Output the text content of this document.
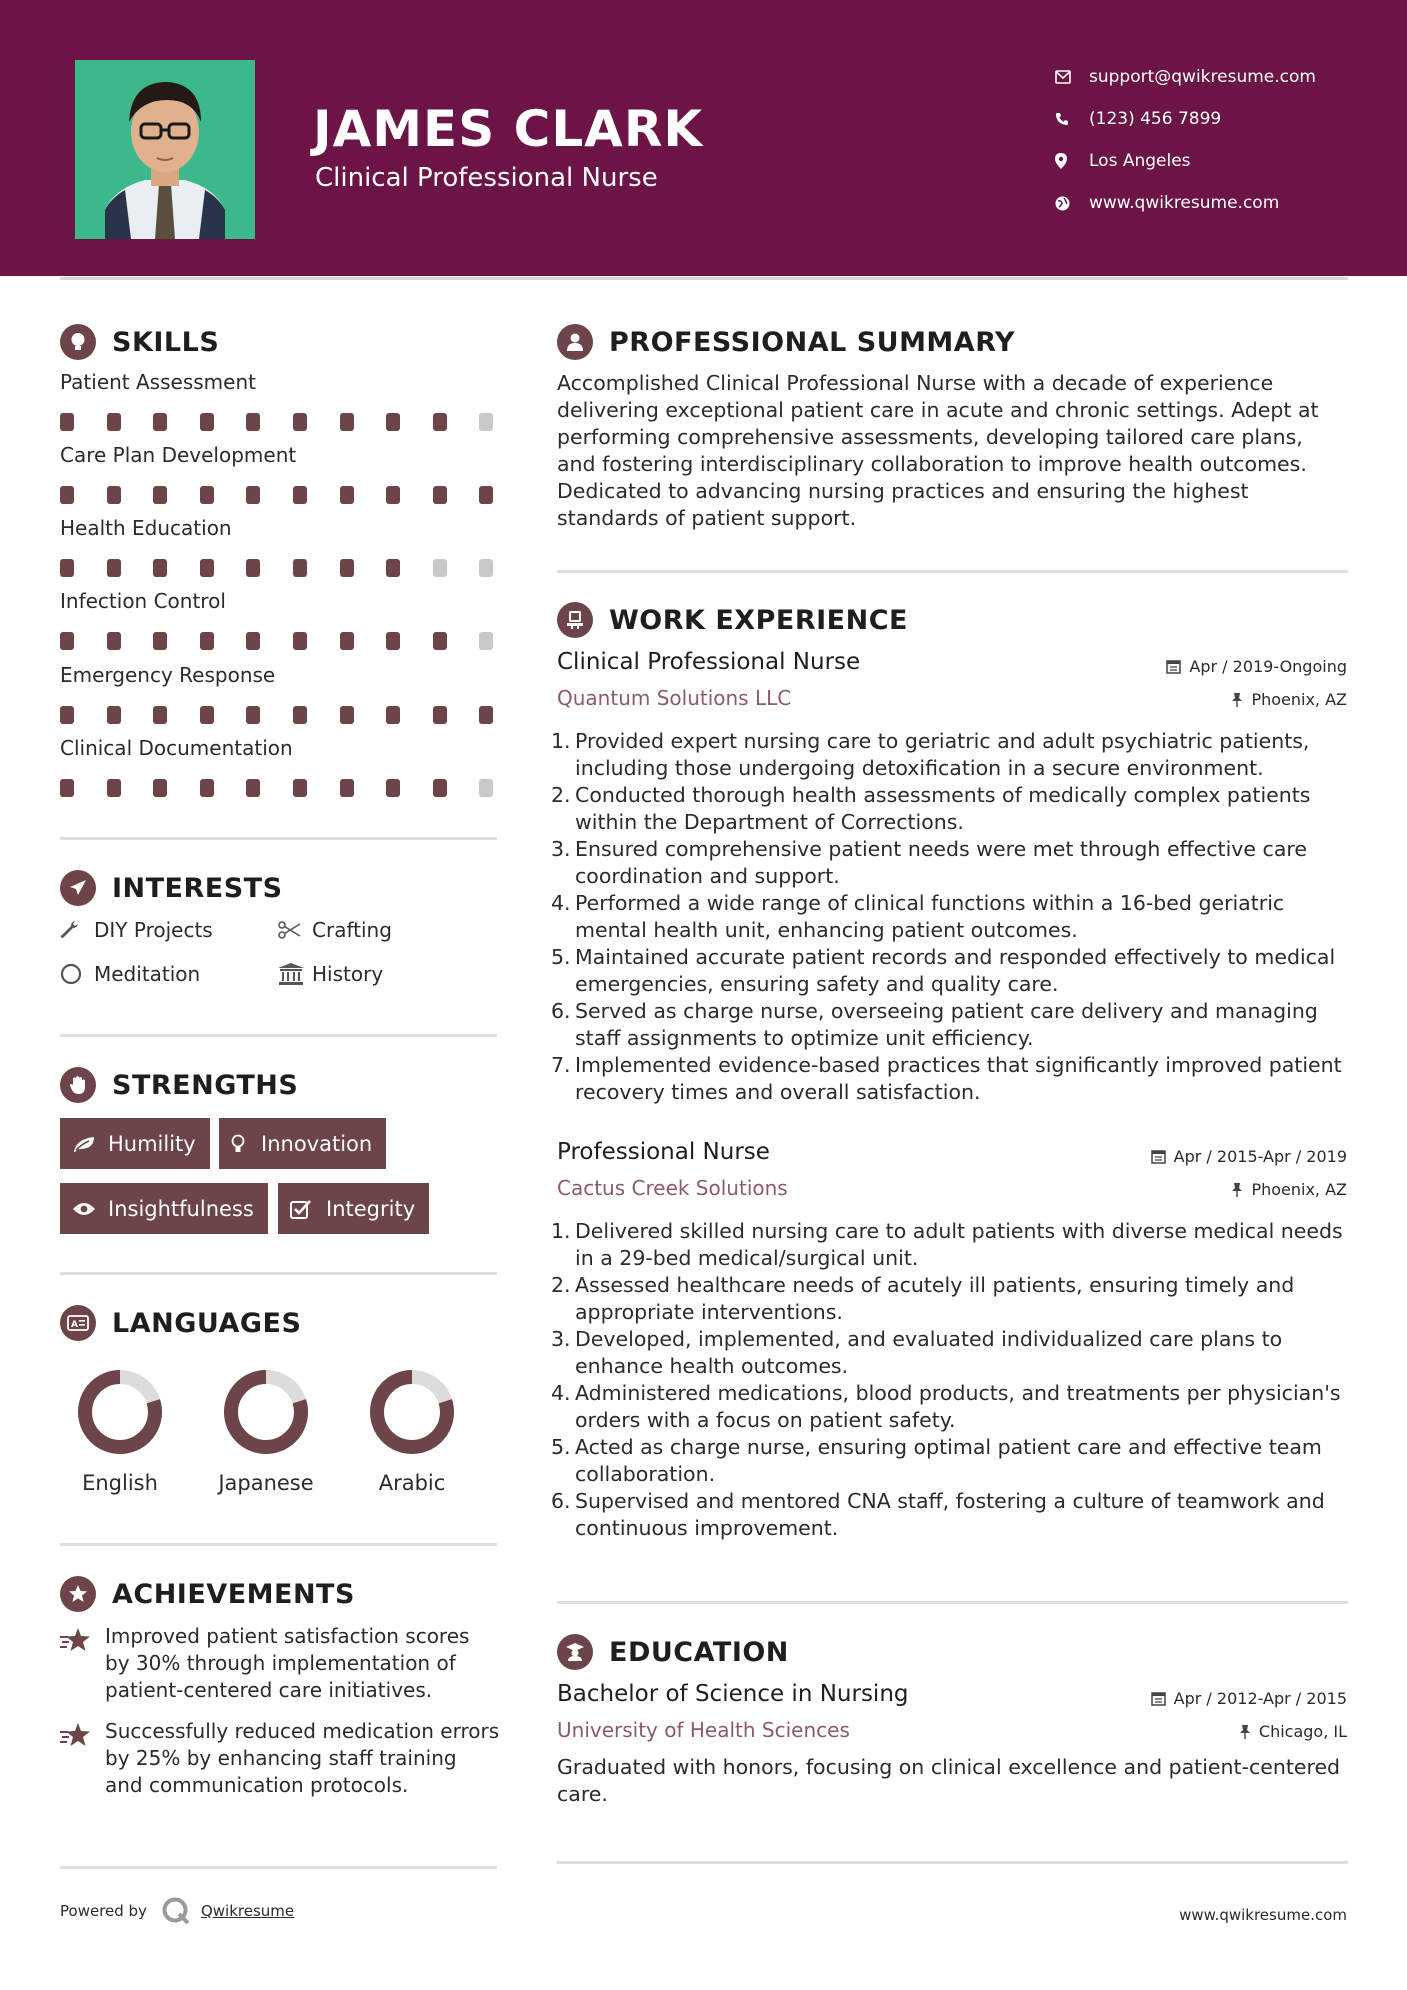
JAMES CLARK
Clinical Professional Nurse
support@qwikresume.com
(123) 456 7899
Los Angeles
www.qwikresume.com
SKILLS
Patient Assessment
Care Plan Development
Health Education
Infection Control
Emergency Response
Clinical Documentation
INTERESTS
DIY Projects	Crafting
Meditation	History
STRENGTHS
Humility	Innovation
Insightfulness	Integrity
A LANGUAGES
English	Japanese	Arabic
ACHIEVEMENTS
Improved patient satisfaction scores by 30% through implementation of patient-centered care initiatives.
Successfully reduced medication errors by 25% by enhancing staff training and communication protocols.
PROFESSIONAL SUMMARY
Accomplished Clinical Professional Nurse with a decade of experience delivering exceptional patient care in acute and chronic settings. Adept at performing comprehensive assessments, developing tailored care plans, and fostering interdisciplinary collaboration to improve health outcomes. Dedicated to advancing nursing practices and ensuring the highest standards of patient support.
WORK EXPERIENCE
Clinical Professional Nurse
Quantum Solutions LLC
Apr / 2019-Ongoing
Phoenix, AZ
1. Provided expert nursing care to geriatric and adult psychiatric patients, including those undergoing detoxification in a secure environment.
2. Conducted thorough health assessments of medically complex patients within the Department of Corrections.
3. Ensured comprehensive patient needs were met through effective care coordination and support.
4. Performed a wide range of clinical functions within a 16-bed geriatric mental health unit, enhancing patient outcomes.
5. Maintained accurate patient records and responded effectively to medical emergencies, ensuring safety and quality care.
6. Served as charge nurse, overseeing patient care delivery and managing staff assignments to optimize unit efficiency.
7. Implemented evidence-based practices that significantly improved patient recovery times and overall satisfaction.
Professional Nurse
Cactus Creek Solutions
Apr / 2015-Apr / 2019
Phoenix, AZ
1. Delivered skilled nursing care to adult patients with diverse medical needs in a 29-bed medical/surgical unit.
2. Assessed healthcare needs of acutely ill patients, ensuring timely and appropriate interventions.
3. Developed, implemented, and evaluated individualized care plans to enhance health outcomes.
4. Administered medications, blood products, and treatments per physician's orders with a focus on patient safety.
5. Acted as charge nurse, ensuring optimal patient care and effective team collaboration.
6. Supervised and mentored CNA staff, fostering a culture of teamwork and continuous improvement.
EDUCATION
Bachelor of Science in Nursing
University of Health Sciences
Apr / 2012-Apr / 2015
Chicago, IL
Graduated with honors, focusing on clinical excellence and patient-centered care.
Powered by	Qwikresume	www.qwikresume.com
